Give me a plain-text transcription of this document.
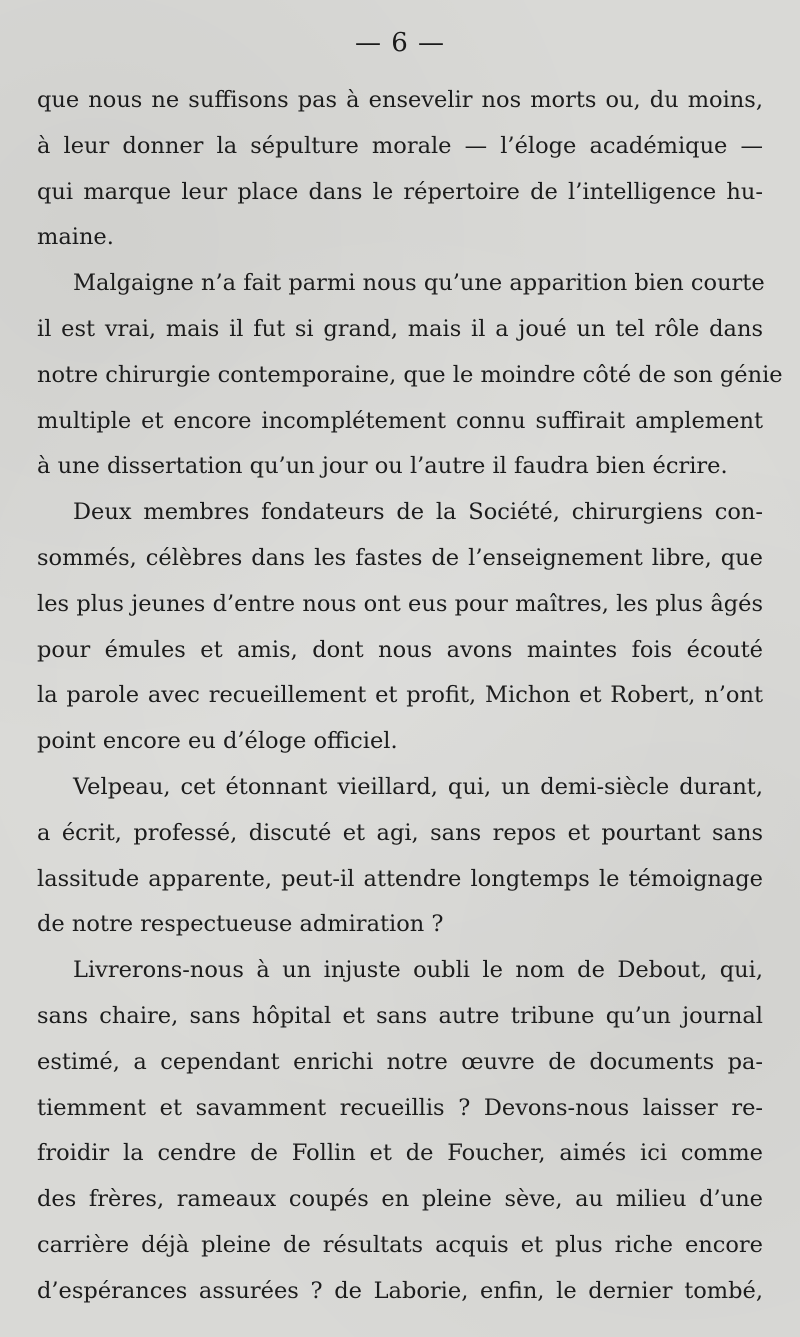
— 6 —
que nous ne suffisons pas à ensevelir nos morts ou, du moins,
à leur donner la sépulture morale — l’éloge académique —
qui marque leur place dans le répertoire de l’intelligence hu-
maine.
Malgaigne n’a fait parmi nous qu’une apparition bien courte
il est vrai, mais il fut si grand, mais il a joué un tel rôle dans
notre chirurgie contemporaine, que le moindre côté de son génie
multiple et encore incomplétement connu suffirait amplement
à une dissertation qu’un jour ou l’autre il faudra bien écrire.
Deux membres fondateurs de la Société, chirurgiens con-
sommés, célèbres dans les fastes de l’enseignement libre, que
les plus jeunes d’entre nous ont eus pour maîtres, les plus âgés
pour émules et amis, dont nous avons maintes fois écouté
la parole avec recueillement et profit, Michon et Robert, n’ont
point encore eu d’éloge officiel.
Velpeau, cet étonnant vieillard, qui, un demi-siècle durant,
a écrit, professé, discuté et agi, sans repos et pourtant sans
lassitude apparente, peut-il attendre longtemps le témoignage
de notre respectueuse admiration ?
Livrerons-nous à un injuste oubli le nom de Debout, qui,
sans chaire, sans hôpital et sans autre tribune qu’un journal
estimé, a cependant enrichi notre œuvre de documents pa-
tiemment et savamment recueillis ? Devons-nous laisser re-
froidir la cendre de Follin et de Foucher, aimés ici comme
des frères, rameaux coupés en pleine sève, au milieu d’une
carrière déjà pleine de résultats acquis et plus riche encore
d’espérances assurées ? de Laborie, enfin, le dernier tombé,
